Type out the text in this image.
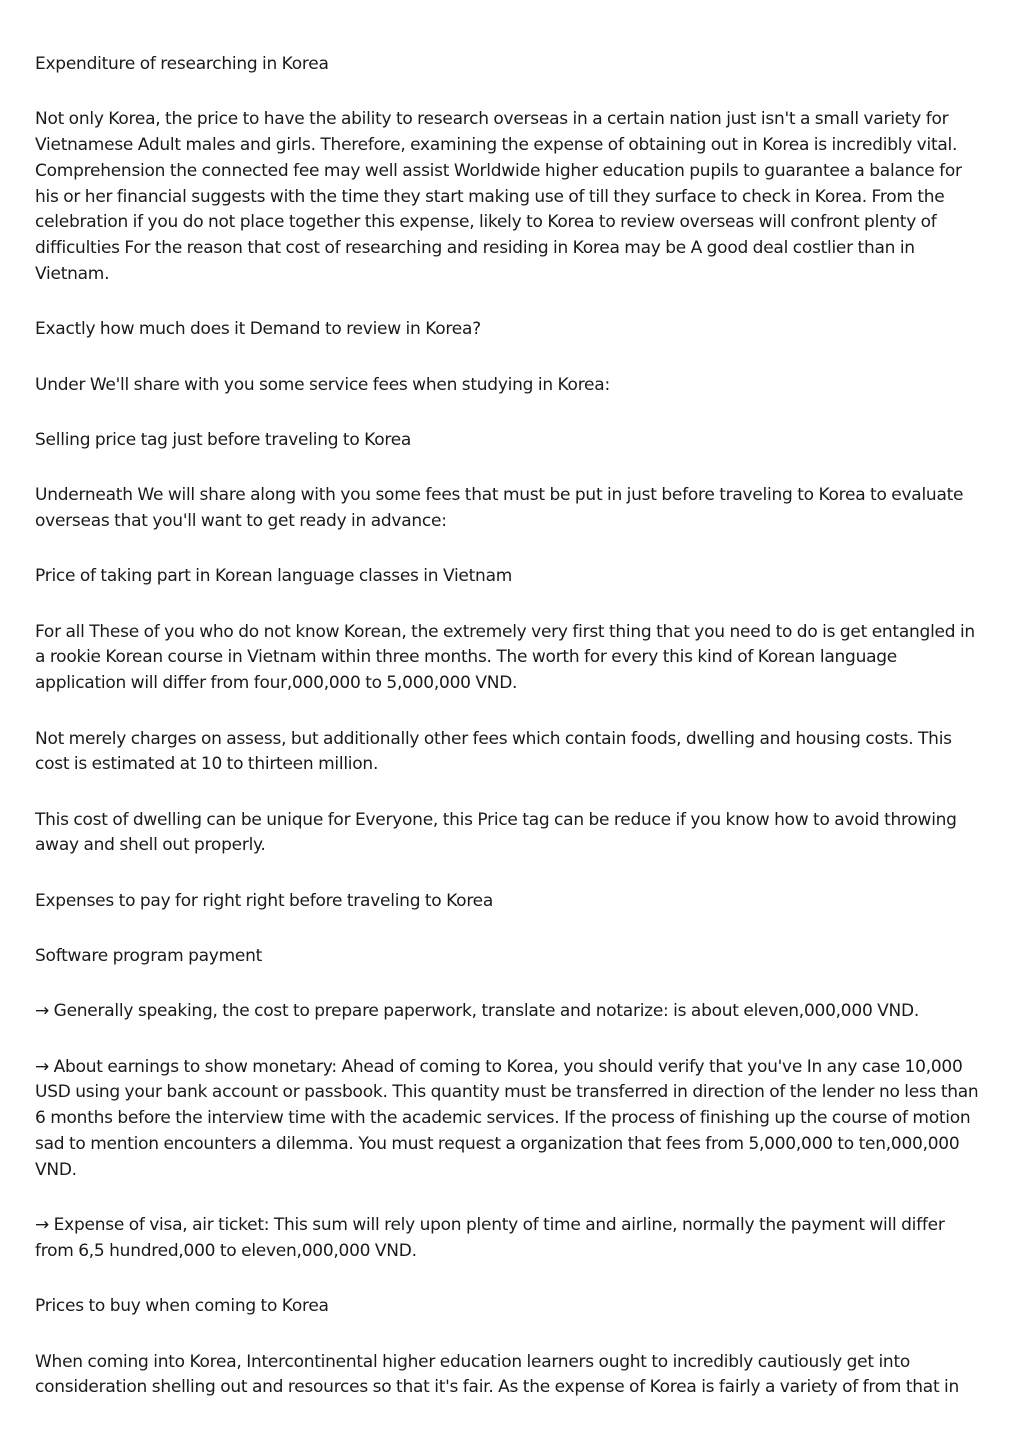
Expenditure of researching in Korea

Not only Korea, the price to have the ability to research overseas in a certain nation just isn't a small variety for Vietnamese Adult males and girls. Therefore, examining the expense of obtaining out in Korea is incredibly vital. Comprehension the connected fee may well assist Worldwide higher education pupils to guarantee a balance for his or her financial suggests with the time they start making use of till they surface to check in Korea. From the celebration if you do not place together this expense, likely to Korea to review overseas will confront plenty of difficulties For the reason that cost of researching and residing in Korea may be A good deal costlier than in Vietnam.

Exactly how much does it Demand to review in Korea?

Under We'll share with you some service fees when studying in Korea:

Selling price tag just before traveling to Korea

Underneath We will share along with you some fees that must be put in just before traveling to Korea to evaluate overseas that you'll want to get ready in advance:

Price of taking part in Korean language classes in Vietnam

For all These of you who do not know Korean, the extremely very first thing that you need to do is get entangled in a rookie Korean course in Vietnam within three months. The worth for every this kind of Korean language application will differ from four,000,000 to 5,000,000 VND.

Not merely charges on assess, but additionally other fees which contain foods, dwelling and housing costs. This cost is estimated at 10 to thirteen million.

This cost of dwelling can be unique for Everyone, this Price tag can be reduce if you know how to avoid throwing away and shell out properly.

Expenses to pay for right right before traveling to Korea

Software program payment

→ Generally speaking, the cost to prepare paperwork, translate and notarize: is about eleven,000,000 VND.

→ About earnings to show monetary: Ahead of coming to Korea, you should verify that you've In any case 10,000 USD using your bank account or passbook. This quantity must be transferred in direction of the lender no less than 6 months before the interview time with the academic services. If the process of finishing up the course of motion sad to mention encounters a dilemma. You must request a organization that fees from 5,000,000 to ten,000,000 VND.

→ Expense of visa, air ticket: This sum will rely upon plenty of time and airline, normally the payment will differ from 6,5 hundred,000 to eleven,000,000 VND.

Prices to buy when coming to Korea

When coming into Korea, Intercontinental higher education learners ought to incredibly cautiously get into consideration shelling out and resources so that it's fair. As the expense of Korea is fairly a variety of from that in
